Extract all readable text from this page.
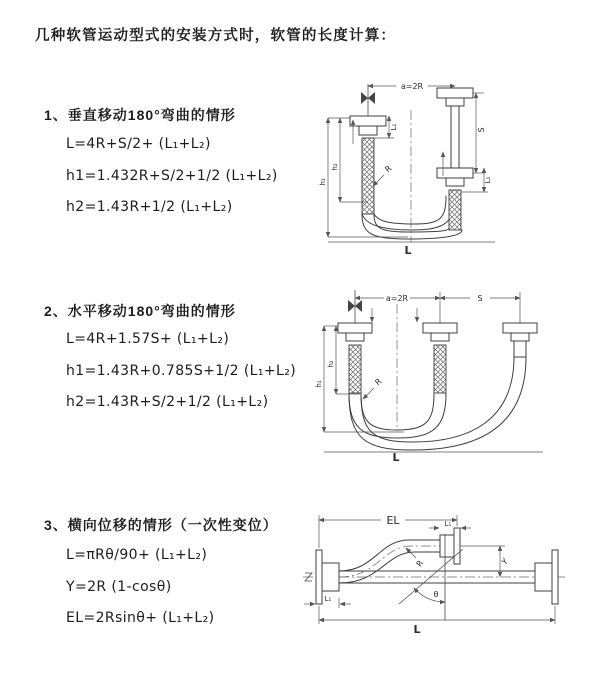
几种软管运动型式的安装方式时，软管的长度计算：
1、垂直移动180°弯曲的情形
L=4R+S/2+ (L₁+L₂)
h1=1.432R+S/2+1/2 (L₁+L₂)
h2=1.43R+1/2 (L₁+L₂)
2、水平移动180°弯曲的情形
L=4R+1.57S+ (L₁+L₂)
h1=1.43R+0.785S+1/2 (L₁+L₂)
h2=1.43R+S/2+1/2 (L₁+L₂)
3、横向位移的情形（一次性变位）
L=πRθ/90+ (L₁+L₂)
Y=2R (1-cosθ)
EL=2Rsinθ+ (L₁+L₂)
a=2R
S
L₁
L₁
h₁
h₂	R
L
a=2R	S
h₁
h₂
R
L
EL	L₁
Y
R
θ
L₁
L
